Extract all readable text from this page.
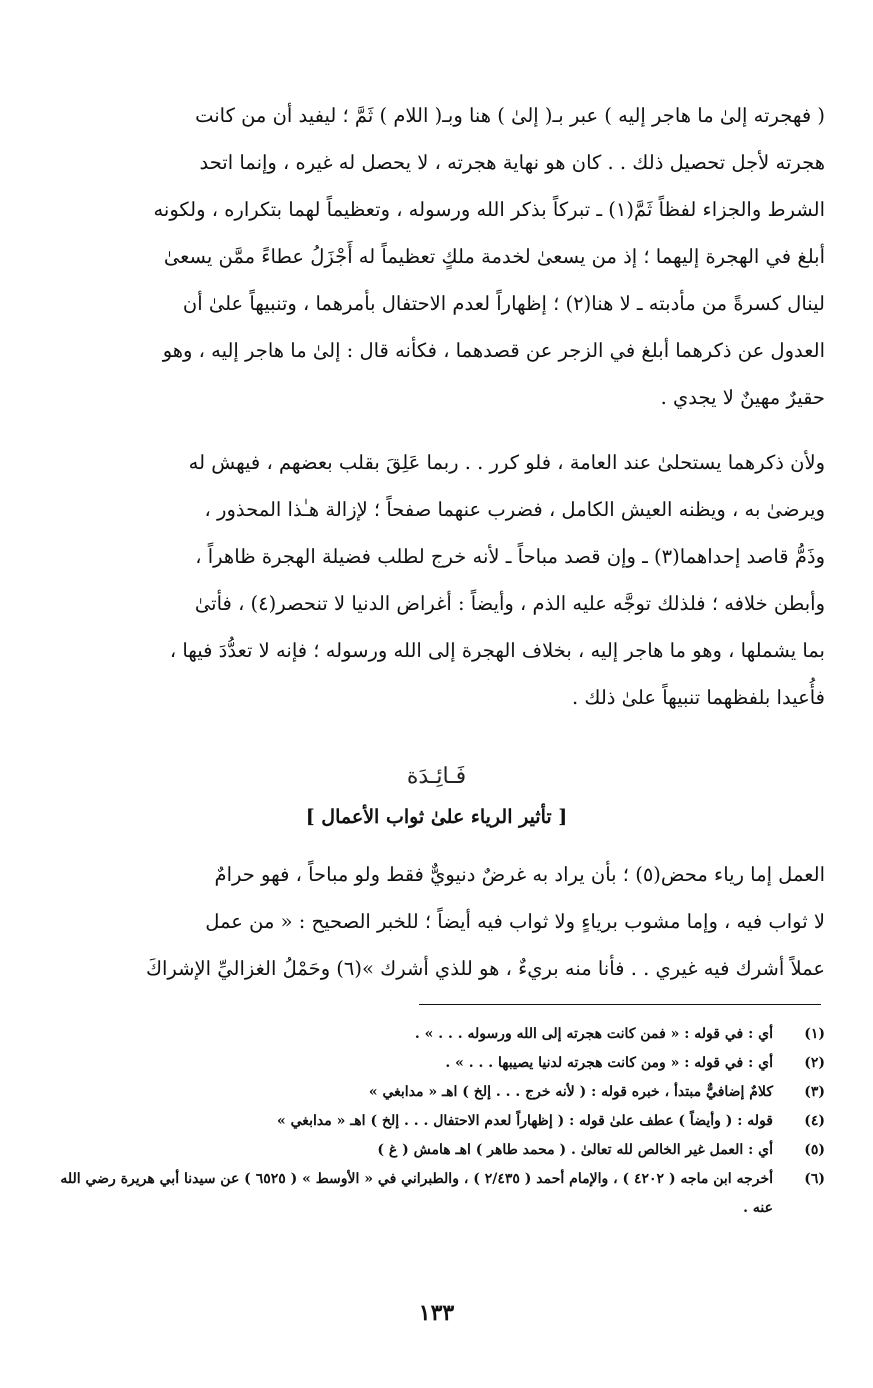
( فهجرته إلىٰ ما هاجر إليه ) عبر بـ( إلىٰ ) هنا وبـ( اللام ) ثَمَّ ؛ ليفيد أن من كانت
هجرته لأجل تحصيل ذلك . . كان هو نهاية هجرته ، لا يحصل له غيره ، وإنما اتحد
الشرط والجزاء لفظاً ثَمَّ(١) ـ تبركاً بذكر الله ورسوله ، وتعظيماً لهما بتكراره ، ولكونه
أبلغ في الهجرة إليهما ؛ إذ من يسعىٰ لخدمة ملكٍ تعظيماً له أَجْزَلُ عطاءً ممَّن يسعىٰ
لينال كسرةً من مأدبته ـ لا هنا(٢) ؛ إظهاراً لعدم الاحتفال بأمرهما ، وتنبيهاً علىٰ أن
العدول عن ذكرهما أبلغ في الزجر عن قصدهما ، فكأنه قال : إلىٰ ما هاجر إليه ، وهو
حقيرٌ مهينٌ لا يجدي .

ولأن ذكرهما يستحلىٰ عند العامة ، فلو كرر . . ربما عَلِقَ بقلب بعضهم ، فيهش له
ويرضىٰ به ، ويظنه العيش الكامل ، فضرب عنهما صفحاً ؛ لإزالة هـٰذا المحذور ،
وذَمُّ قاصد إحداهما(٣) ـ وإن قصد مباحاً ـ لأنه خرج لطلب فضيلة الهجرة ظاهراً ،
وأبطن خلافه ؛ فلذلك توجَّه عليه الذم ، وأيضاً : أغراض الدنيا لا تنحصر(٤) ، فأتىٰ
بما يشملها ، وهو ما هاجر إليه ، بخلاف الهجرة إلى الله ورسوله ؛ فإنه لا تعدُّدَ فيها ،
فأُعيدا بلفظهما تنبيهاً علىٰ ذلك .

فَـائِـدَة
[ تأثير الرياء علىٰ ثواب الأعمال ]

العمل إما رياء محض(٥) ؛ بأن يراد به غرضٌ دنيويٌّ فقط ولو مباحاً ، فهو حرامٌ
لا ثواب فيه ، وإما مشوب برياءٍ ولا ثواب فيه أيضاً ؛ للخبر الصحيح : « من عمل
عملاً أشرك فيه غيري . . فأنا منه بريءٌ ، هو للذي أشرك »(٦) وحَمْلُ الغزاليِّ الإشراكَ

(١)
أي : في قوله : « فمن كانت هجرته إلى الله ورسوله . . . » .
(٢)
أي : في قوله : « ومن كانت هجرته لدنيا يصيبها . . . » .
(٣)
كلامٌ إضافيٌّ مبتدأ ، خبره قوله : ( لأنه خرج . . . إلخ ) اهـ « مدابغي »
(٤)
قوله : ( وأيضاً ) عطف علىٰ قوله : ( إظهاراً لعدم الاحتفال . . . إلخ ) اهـ « مدابغي »
(٥)
أي : العمل غير الخالص لله تعالىٰ . ( محمد طاهر ) اهـ هامش ( غ )
(٦)
أخرجه ابن ماجه ( ٤٢٠٢ ) ، والإمام أحمد ( ٢/٤٣٥ ) ، والطبراني في « الأوسط » ( ٦٥٢٥ ) عن سيدنا أبي هريرة رضي الله عنه .
١٣٣
